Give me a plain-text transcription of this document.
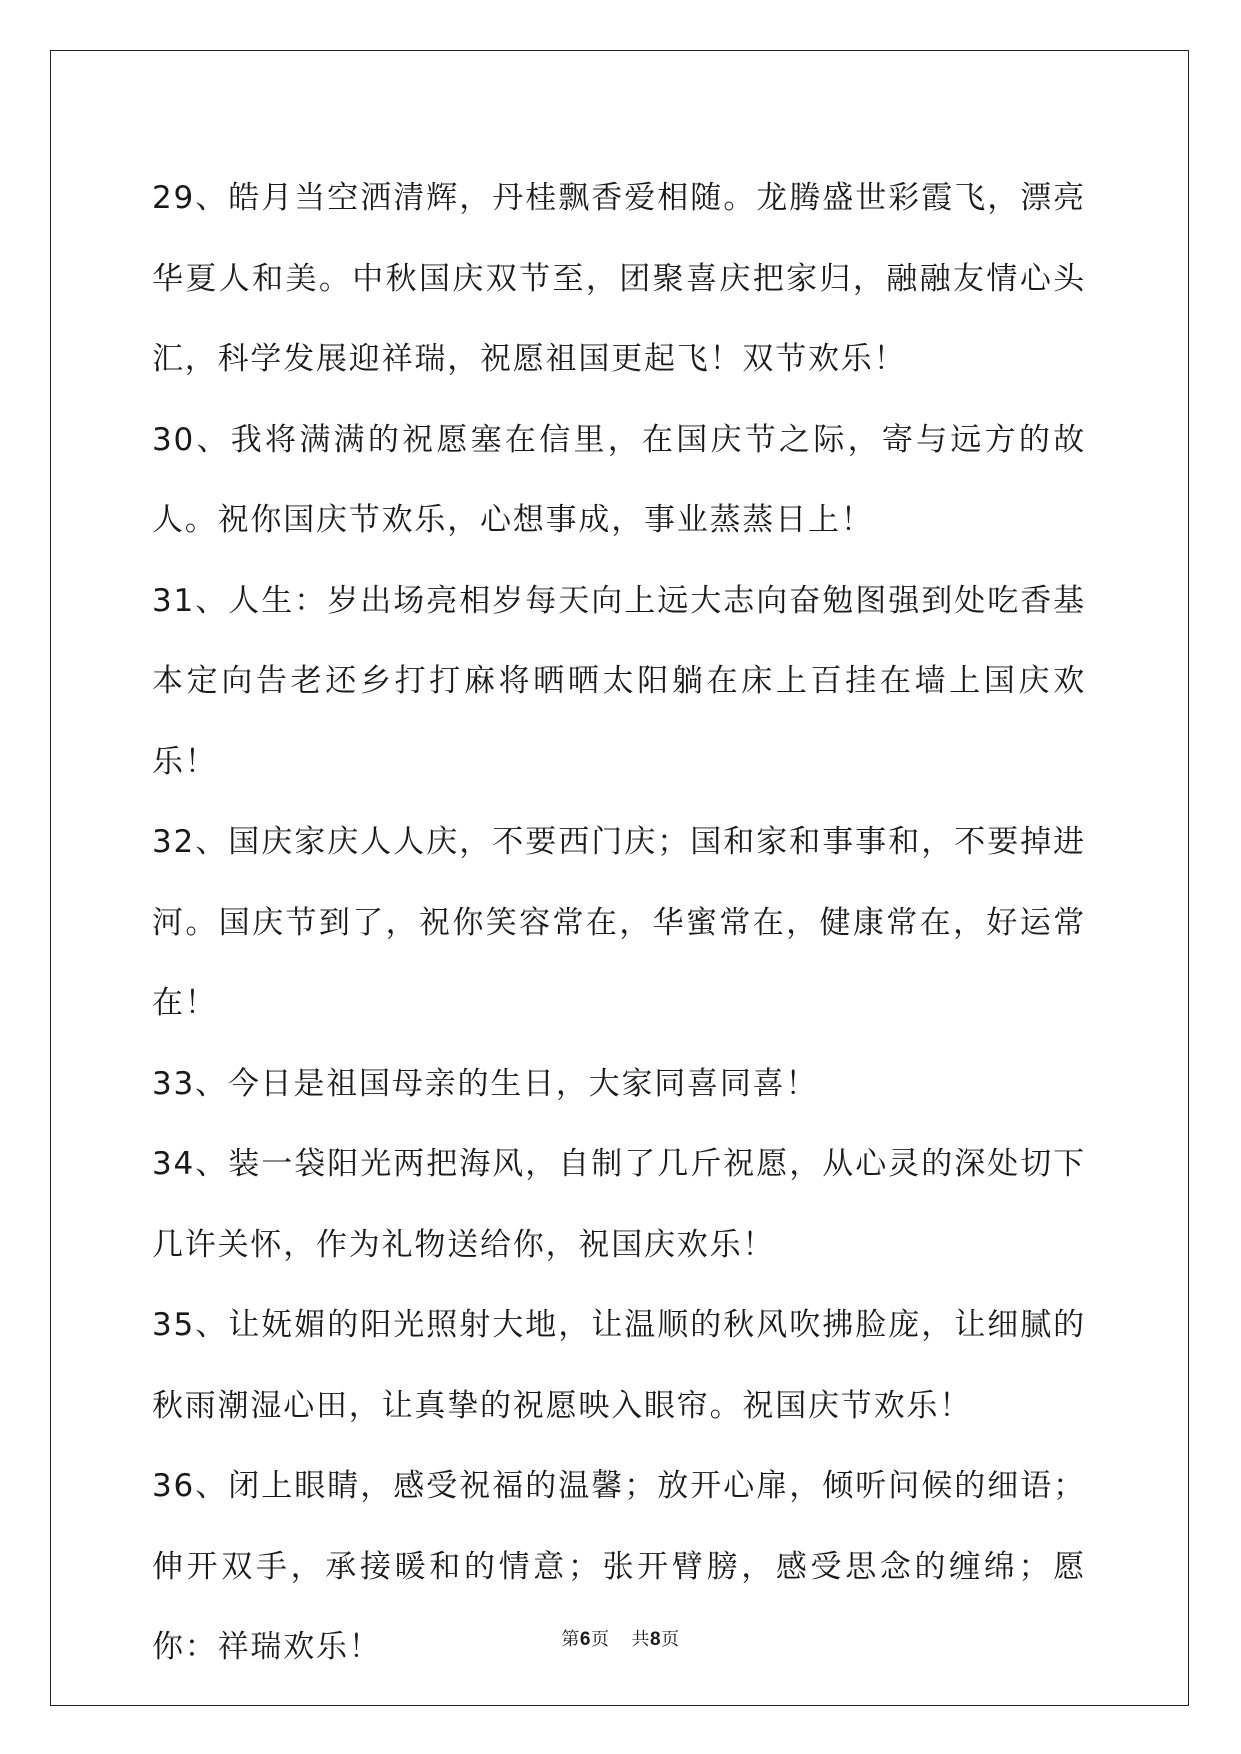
29、皓月当空洒清辉，丹桂飘香爱相随。龙腾盛世彩霞飞，漂亮华夏人和美。中秋国庆双节至，团聚喜庆把家归，融融友情心头汇，科学发展迎祥瑞，祝愿祖国更起飞！双节欢乐！

30、我将满满的祝愿塞在信里，在国庆节之际，寄与远方的故人。祝你国庆节欢乐，心想事成，事业蒸蒸日上！

31、人生：岁出场亮相岁每天向上远大志向奋勉图强到处吃香基本定向告老还乡打打麻将晒晒太阳躺在床上百挂在墙上国庆欢乐！

32、国庆家庆人人庆，不要西门庆；国和家和事事和，不要掉进河。国庆节到了，祝你笑容常在，华蜜常在，健康常在，好运常在！

33、今日是祖国母亲的生日，大家同喜同喜！

34、装一袋阳光两把海风，自制了几斤祝愿，从心灵的深处切下几许关怀，作为礼物送给你，祝国庆欢乐！

35、让妩媚的阳光照射大地，让温顺的秋风吹拂脸庞，让细腻的秋雨潮湿心田，让真挚的祝愿映入眼帘。祝国庆节欢乐！

36、闭上眼睛，感受祝福的温馨；放开心扉，倾听问候的细语；伸开双手，承接暖和的情意；张开臂膀，感受思念的缠绵；愿你：祥瑞欢乐！	第6页 共8页
